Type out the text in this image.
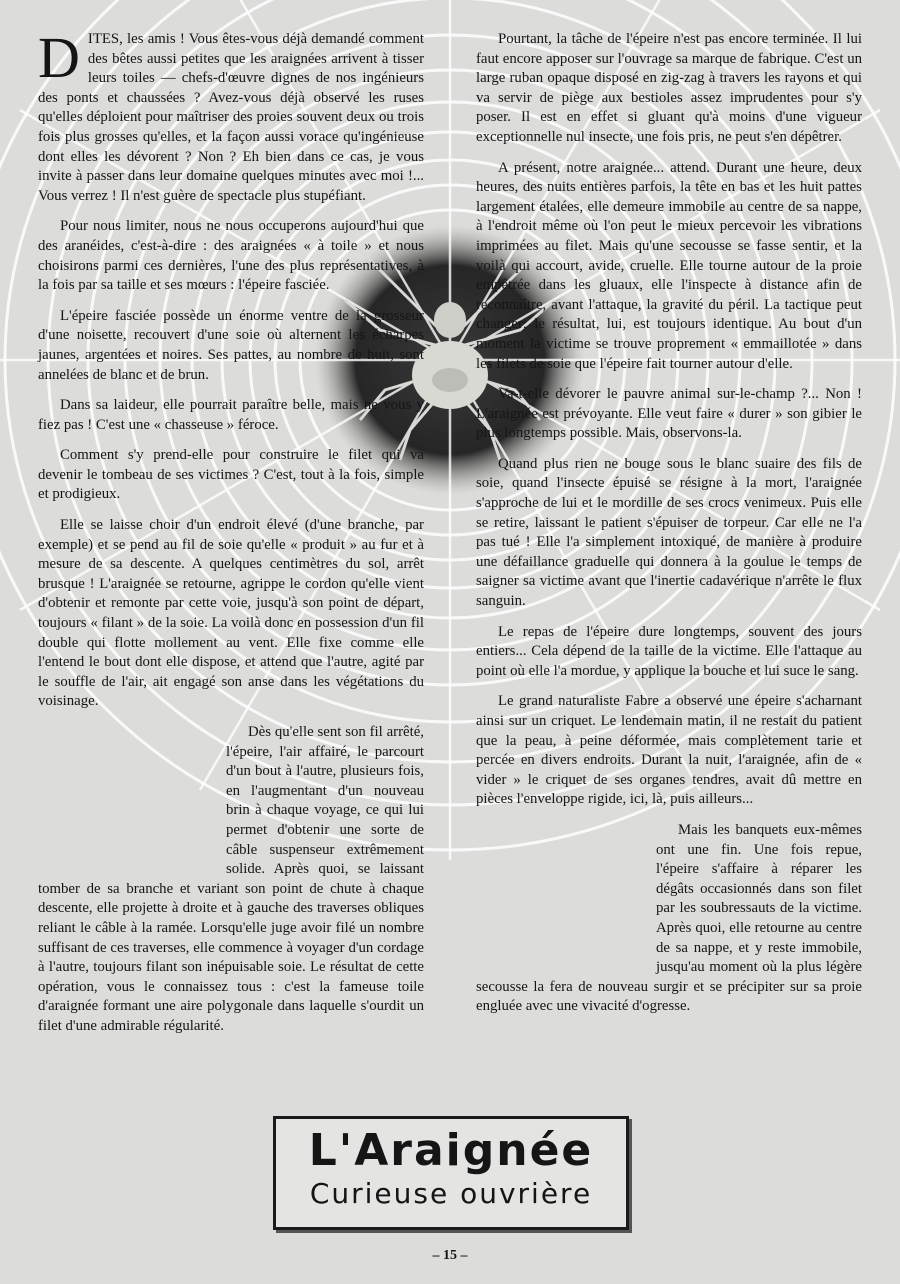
DITES, les amis ! Vous êtes-vous déjà demandé comment des bêtes aussi petites que les araignées arrivent à tisser leurs toiles — chefs-d'œuvre dignes de nos ingénieurs des ponts et chaussées ? Avez-vous déjà observé les ruses qu'elles déploient pour maîtriser des proies souvent deux ou trois fois plus grosses qu'elles, et la façon aussi vorace qu'ingénieuse dont elles les dévorent ? Non ? Eh bien dans ce cas, je vous invite à passer dans leur domaine quelques minutes avec moi !... Vous verrez ! Il n'est guère de spectacle plus stupéfiant.

Pour nous limiter, nous ne nous occuperons aujourd'hui que des aranéides, c'est-à-dire : des araignées « à toile » et nous choisirons parmi ces dernières, l'une des plus représentatives, à la fois par sa taille et ses mœurs : l'épeire fasciée.

L'épeire fasciée possède un énorme ventre de la grosseur d'une noisette, recouvert d'une soie où alternent les écharpes jaunes, argentées et noires. Ses pattes, au nombre de huit, sont annelées de blanc et de brun.

Dans sa laideur, elle pourrait paraître belle, mais ne vous y fiez pas ! C'est une « chasseuse » féroce.

Comment s'y prend-elle pour construire le filet qui va devenir le tombeau de ses victimes ? C'est, tout à la fois, simple et prodigieux.

Elle se laisse choir d'un endroit élevé (d'une branche, par exemple) et se pend au fil de soie qu'elle « produit » au fur et à mesure de sa descente. A quelques centimètres du sol, arrêt brusque ! L'araignée se retourne, agrippe le cordon qu'elle vient d'obtenir et remonte par cette voie, jusqu'à son point de départ, toujours « filant » de la soie. La voilà donc en possession d'un fil double qui flotte mollement au vent. Elle fixe comme elle l'entend le bout dont elle dispose, et attend que l'autre, agité par le souffle de l'air, ait engagé son anse dans les végétations du voisinage.

Dès qu'elle sent son fil arrêté, l'épeire, l'air affairé, le parcourt d'un bout à l'autre, plusieurs fois, en l'augmentant d'un nouveau brin à chaque voyage, ce qui lui permet d'obtenir une sorte de câble suspenseur extrêmement solide. Après quoi, se laissant tomber de sa branche et variant son point de chute à chaque descente, elle projette à droite et à gauche des traverses obliques reliant le câble à la ramée. Lorsqu'elle juge avoir filé un nombre suffisant de ces traverses, elle commence à voyager d'un cordage à l'autre, toujours filant son inépuisable soie. Le résultat de cette opération, vous le connaissez tous : c'est la fameuse toile d'araignée formant une aire polygonale dans laquelle s'ourdit un filet d'une admirable régularité.

Pourtant, la tâche de l'épeire n'est pas encore terminée. Il lui faut encore apposer sur l'ouvrage sa marque de fabrique. C'est un large ruban opaque disposé en zig-zag à travers les rayons et qui va servir de piège aux bestioles assez imprudentes pour s'y poser. Il est en effet si gluant qu'à moins d'une vigueur exceptionnelle nul insecte, une fois pris, ne peut s'en dépêtrer.

A présent, notre araignée... attend. Durant une heure, deux heures, des nuits entières parfois, la tête en bas et les huit pattes largement étalées, elle demeure immobile au centre de sa nappe, à l'endroit même où l'on peut le mieux percevoir les vibrations imprimées au filet. Mais qu'une secousse se fasse sentir, et la voilà qui accourt, avide, cruelle. Elle tourne autour de la proie empêtrée dans les gluaux, elle l'inspecte à distance afin de reconnaître, avant l'attaque, la gravité du péril. La tactique peut changer; le résultat, lui, est toujours identique. Au bout d'un moment la victime se trouve proprement « emmaillotée » dans les filets de soie que l'épeire fait tourner autour d'elle.

Va-t-elle dévorer le pauvre animal sur-le-champ ?... Non ! L'araignée est prévoyante. Elle veut faire « durer » son gibier le plus longtemps possible. Mais, observons-la.

Quand plus rien ne bouge sous le blanc suaire des fils de soie, quand l'insecte épuisé se résigne à la mort, l'araignée s'approche de lui et le mordille de ses crocs venimeux. Puis elle se retire, laissant le patient s'épuiser de torpeur. Car elle ne l'a pas tué ! Elle l'a simplement intoxiqué, de manière à produire une défaillance graduelle qui donnera à la goulue le temps de saigner sa victime avant que l'inertie cadavérique n'arrête le flux sanguin.

Le repas de l'épeire dure longtemps, souvent des jours entiers... Cela dépend de la taille de la victime. Elle l'attaque au point où elle l'a mordue, y applique la bouche et lui suce le sang.

Le grand naturaliste Fabre a observé une épeire s'acharnant ainsi sur un criquet. Le lendemain matin, il ne restait du patient que la peau, à peine déformée, mais complètement tarie et percée en divers endroits. Durant la nuit, l'araignée, afin de « vider » le criquet de ses organes tendres, avait dû mettre en pièces l'enveloppe rigide, ici, là, puis ailleurs...

Mais les banquets eux-mêmes ont une fin. Une fois repue, l'épeire s'affaire à réparer les dégâts occasionnés dans son filet par les soubressauts de la victime. Après quoi, elle retourne au centre de sa nappe, et y reste immobile, jusqu'au moment où la plus légère secousse la fera de nouveau surgir et se précipiter sur sa proie engluée avec une vivacité d'ogresse.

L'Araignée
Curieuse ouvrière
– 15 –
